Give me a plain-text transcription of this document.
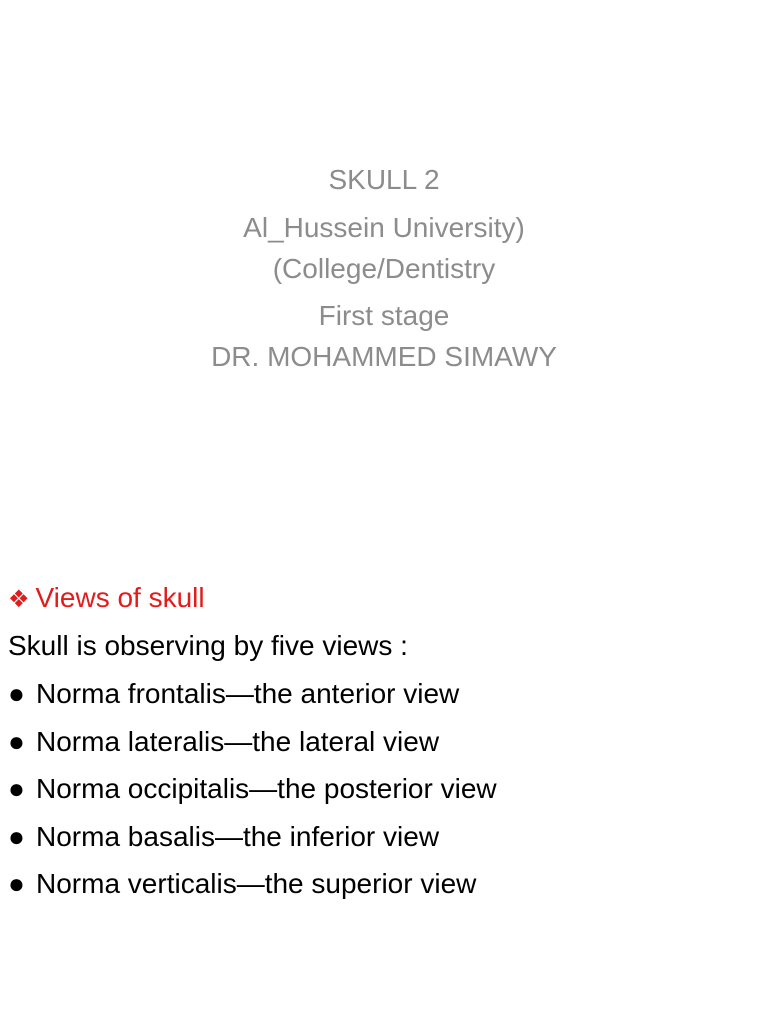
SKULL 2
Al_Hussein University)
(College/Dentistry
First stage
DR. MOHAMMED SIMAWY
❖ Views of skull
Skull is observing by five views :
● Norma frontalis—the anterior view
● Norma lateralis—the lateral view
● Norma occipitalis—the posterior view
● Norma basalis—the inferior view
● Norma verticalis—the superior view
